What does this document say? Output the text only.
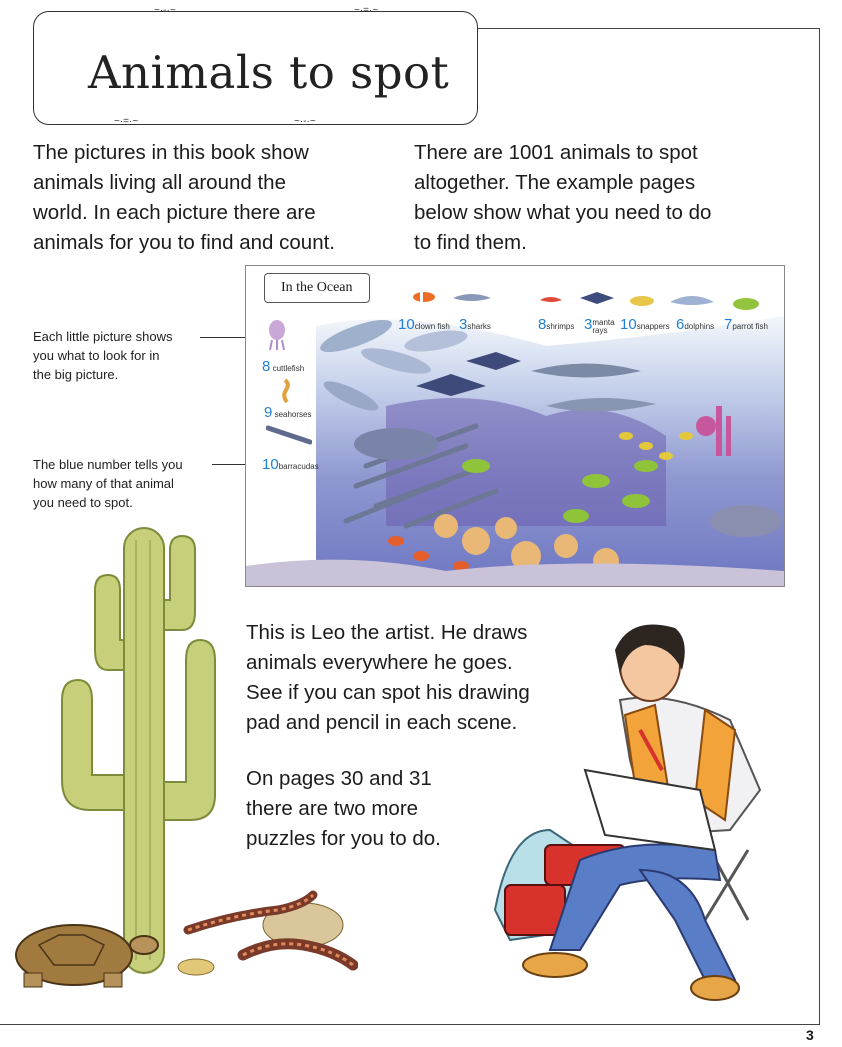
3
~·-·~	~·=·~
~·=·~	~·-·~
Animals to spot

The pictures in this book show

animals living all around the

world. In each picture there are

animals for you to find and count.

There are 1001 animals to spot

altogether. The example pages

below show what you need to do

to find them.

Each little picture shows
you what to look for in
the big picture.
The blue number tells you
how many of that animal
you need to spot.
In the Ocean
10clown fish 3sharks	8shrimps 3manta
rays 10snappers 6dolphins 7parrot fish
8 cuttlefish
9 seahorses
10barracudas

This is Leo the artist. He draws

animals everywhere he goes.

See if you can spot his drawing

pad and pencil in each scene.

On pages 30 and 31

there are two more

puzzles for you to do.
